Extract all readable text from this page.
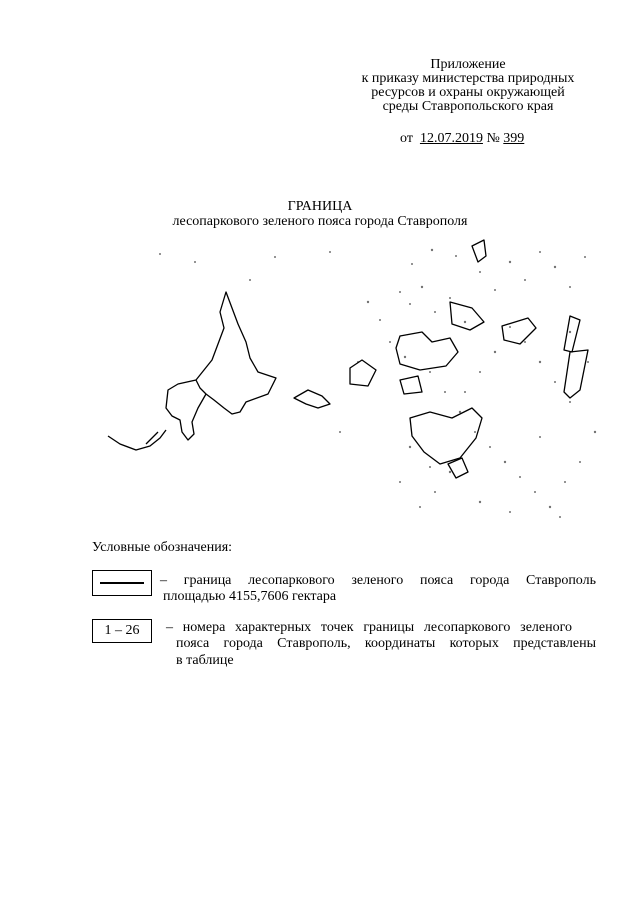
Приложение
к приказу министерства природных
ресурсов и охраны окружающей
среды Ставропольского края
от 12.07.2019 № 399
ГРАНИЦА
лесопаркового зеленого пояса города Ставрополя
Условные обозначения:
– граница лесопаркового зеленого пояса города Ставрополь
площадью 4155,7606 гектара
1 – 26	– номера характерных точек границы лесопаркового зеленого
пояса города Ставрополь, координаты которых представлены
в таблице
